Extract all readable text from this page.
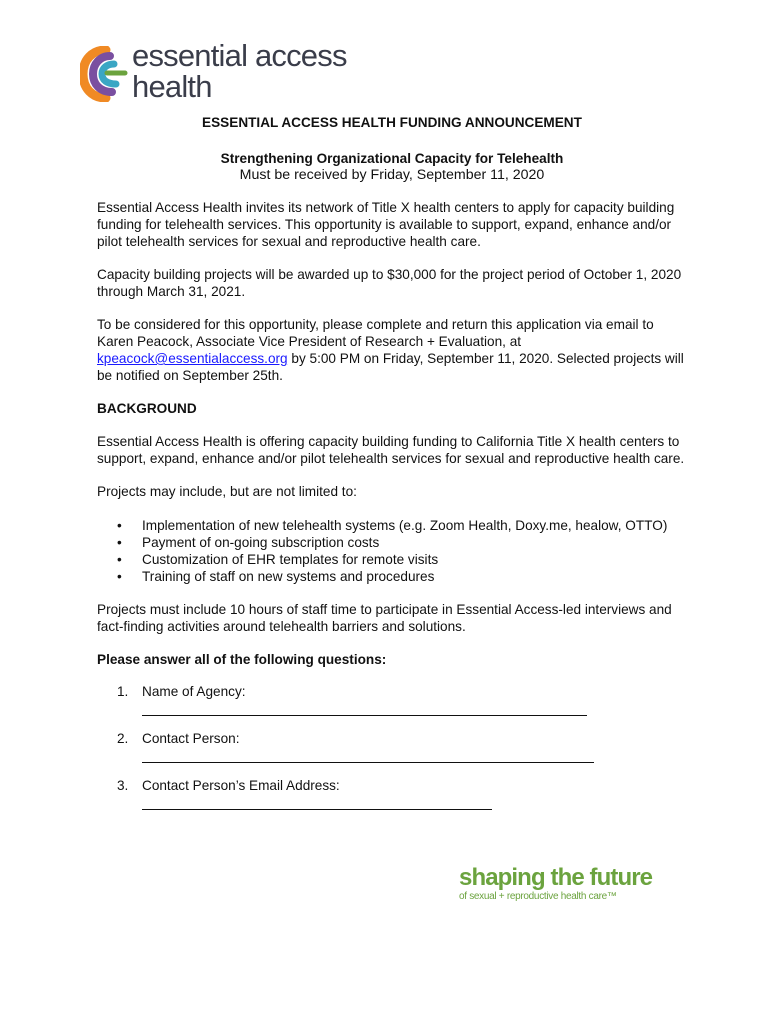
essential access
health

ESSENTIAL ACCESS HEALTH FUNDING ANNOUNCEMENT

Strengthening Organizational Capacity for Telehealth

Must be received by Friday, September 11, 2020

Essential Access Health invites its network of Title X health centers to apply for capacity building funding for telehealth services. This opportunity is available to support, expand, enhance and/or pilot telehealth services for sexual and reproductive health care.

Capacity building projects will be awarded up to $30,000 for the project period of October 1, 2020 through March 31, 2021.

To be considered for this opportunity, please complete and return this application via email to Karen Peacock, Associate Vice President of Research + Evaluation, at kpeacock@essentialaccess.org by 5:00 PM on Friday, September 11, 2020. Selected projects will be notified on September 25th.

BACKGROUND

Essential Access Health is offering capacity building funding to California Title X health centers to support, expand, enhance and/or pilot telehealth services for sexual and reproductive health care.

Projects may include, but are not limited to:

• Implementation of new telehealth systems (e.g. Zoom Health, Doxy.me, healow, OTTO)
• Payment of on-going subscription costs
• Customization of EHR templates for remote visits
• Training of staff on new systems and procedures

Projects must include 10 hours of staff time to participate in Essential Access-led interviews and fact-finding activities around telehealth barriers and solutions.

Please answer all of the following questions:

1. Name of Agency:
2. Contact Person:
3. Contact Person’s Email Address:
shaping the future
of sexual + reproductive health care™
